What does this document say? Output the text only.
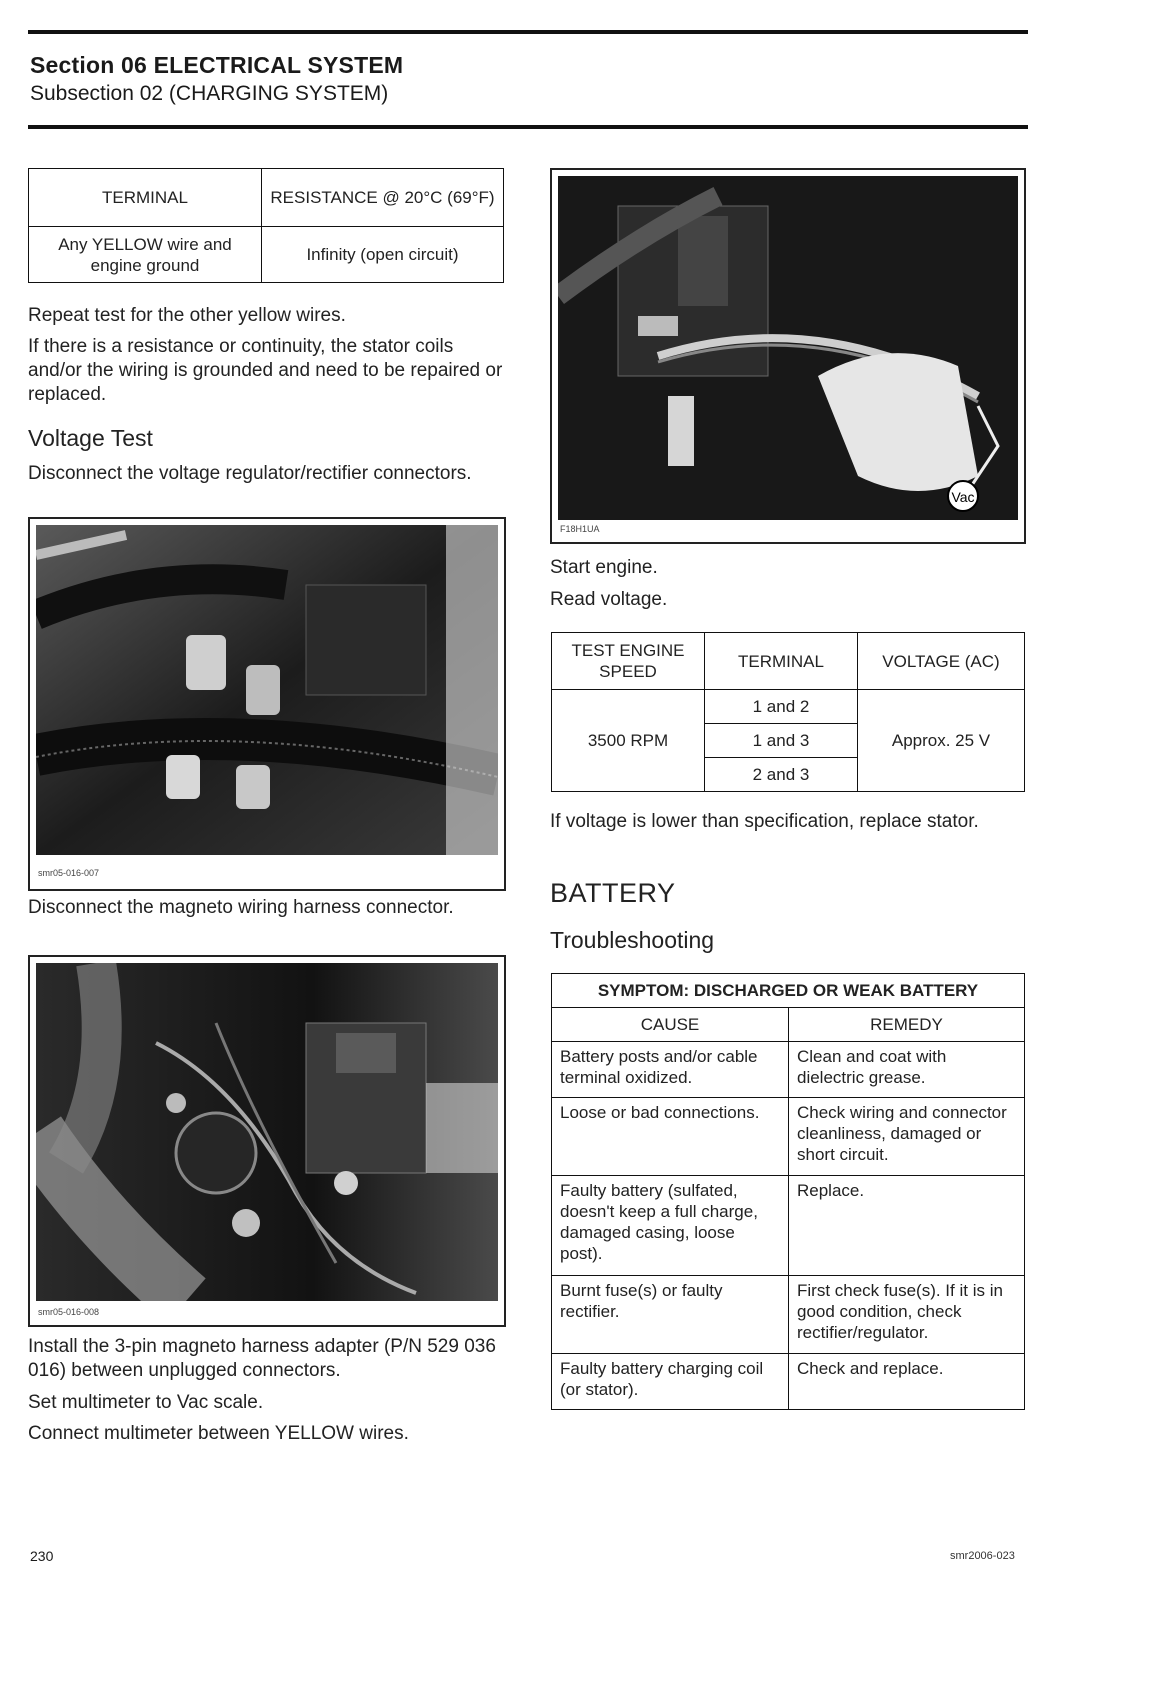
Section 06 ELECTRICAL SYSTEM
Subsection 02 (CHARGING SYSTEM)
TERMINAL	RESISTANCE @ 20°C (69°F)
Any YELLOW wire and engine ground	Infinity (open circuit)
Repeat test for the other yellow wires.
If there is a resistance or continuity, the stator coils and/or the wiring is grounded and need to be repaired or replaced.
Voltage Test
Disconnect the voltage regulator/rectifier connectors.
smr05-016-007
Disconnect the magneto wiring harness connector.
smr05-016-008
Install the 3-pin magneto harness adapter (P/N 529 036 016) between unplugged connectors.
Set multimeter to Vac scale.
Connect multimeter between YELLOW wires.
Vac
F18H1UA
Start engine.
Read voltage.
TEST ENGINE SPEED	TERMINAL	VOLTAGE (AC)
3500 RPM	1 and 2	Approx. 25 V
	1 and 3	
	2 and 3	
If voltage is lower than specification, replace stator.
BATTERY
Troubleshooting
SYMPTOM: DISCHARGED OR WEAK BATTERY	
CAUSE	REMEDY
Battery posts and/or cable terminal oxidized.	Clean and coat with dielectric grease.
Loose or bad connections.	Check wiring and connector cleanliness, damaged or short circuit.
Faulty battery (sulfated, doesn't keep a full charge, damaged casing, loose post).	Replace.
Burnt fuse(s) or faulty rectifier.	First check fuse(s). If it is in good condition, check rectifier/regulator.
Faulty battery charging coil (or stator).	Check and replace.
230	smr2006-023
